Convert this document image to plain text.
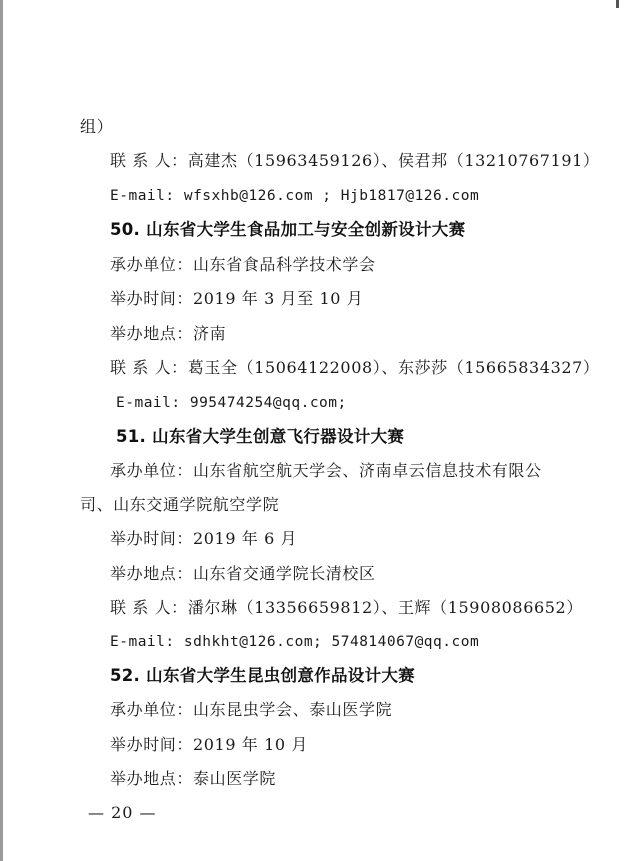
组）
联 系 人：高建杰（15963459126）、侯君邦（13210767191）
E-mail: wfsxhb@126.com ; Hjb1817@126.com
50. 山东省大学生食品加工与安全创新设计大赛
承办单位：山东省食品科学技术学会
举办时间：2019 年 3 月至 10 月
举办地点：济南
联 系 人：葛玉全（15064122008）、东莎莎（15665834327）
E-mail: 995474254@qq.com;
51. 山东省大学生创意飞行器设计大赛
承办单位：山东省航空航天学会、济南卓云信息技术有限公
司、山东交通学院航空学院
举办时间：2019 年 6 月
举办地点：山东省交通学院长清校区
联 系 人：潘尔琳（13356659812）、王辉（15908086652）
E-mail: sdhkht@126.com; 574814067@qq.com
52. 山东省大学生昆虫创意作品设计大赛
承办单位：山东昆虫学会、泰山医学院
举办时间：2019 年 10 月
举办地点：泰山医学院
— 20 —
